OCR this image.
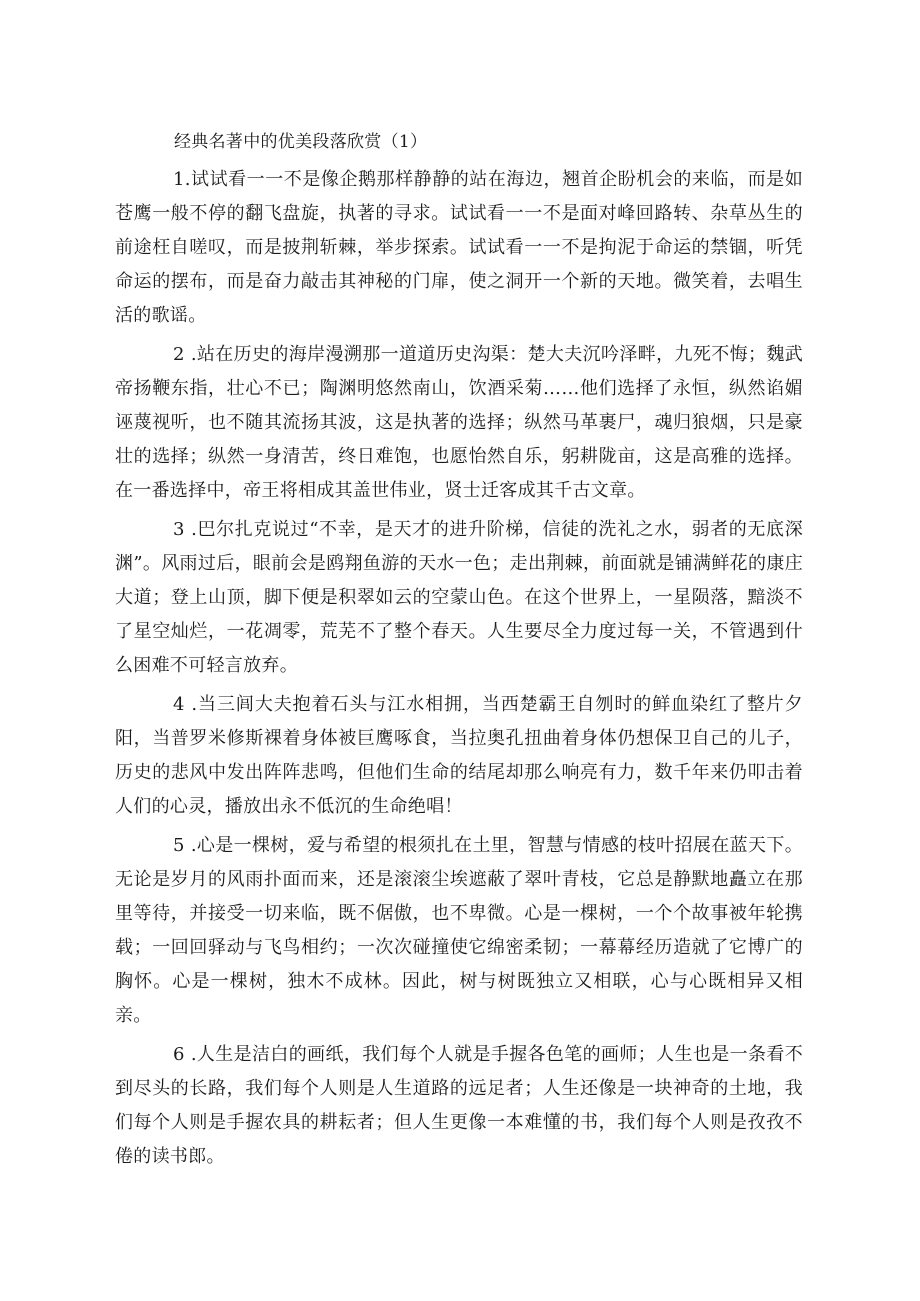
经典名著中的优美段落欣赏（1）

1.试试看一一不是像企鹅那样静静的站在海边，翘首企盼机会的来临，而是如苍鹰一般不停的翻飞盘旋，执著的寻求。试试看一一不是面对峰回路转、杂草丛生的前途枉自嗟叹，而是披荆斩棘，举步探索。试试看一一不是拘泥于命运的禁锢，听凭命运的摆布，而是奋力敲击其神秘的门扉，使之洞开一个新的天地。微笑着，去唱生活的歌谣。

2 .站在历史的海岸漫溯那一道道历史沟渠：楚大夫沉吟泽畔，九死不悔；魏武帝扬鞭东指，壮心不已；陶渊明悠然南山，饮酒采菊……他们选择了永恒，纵然谄媚诬蔑视听，也不随其流扬其波，这是执著的选择；纵然马革裹尸，魂归狼烟，只是豪壮的选择；纵然一身清苦，终日难饱，也愿怡然自乐，躬耕陇亩，这是高雅的选择。在一番选择中，帝王将相成其盖世伟业，贤士迁客成其千古文章。

3 .巴尔扎克说过“不幸，是天才的进升阶梯，信徒的洗礼之水，弱者的无底深渊”。风雨过后，眼前会是鸥翔鱼游的天水一色；走出荆棘，前面就是铺满鲜花的康庄大道；登上山顶，脚下便是积翠如云的空蒙山色。在这个世界上，一星陨落，黯淡不了星空灿烂，一花凋零，荒芜不了整个春天。人生要尽全力度过每一关，不管遇到什么困难不可轻言放弃。

4 .当三闾大夫抱着石头与江水相拥，当西楚霸王自刎时的鲜血染红了整片夕阳，当普罗米修斯裸着身体被巨鹰啄食，当拉奥孔扭曲着身体仍想保卫自己的儿子，历史的悲风中发出阵阵悲鸣，但他们生命的结尾却那么响亮有力，数千年来仍叩击着人们的心灵，播放出永不低沉的生命绝唱！

5 .心是一棵树，爱与希望的根须扎在土里，智慧与情感的枝叶招展在蓝天下。无论是岁月的风雨扑面而来，还是滚滚尘埃遮蔽了翠叶青枝，它总是静默地矗立在那里等待，并接受一切来临，既不倨傲，也不卑微。心是一棵树，一个个故事被年轮携载；一回回驿动与飞鸟相约；一次次碰撞使它绵密柔韧；一幕幕经历造就了它博广的胸怀。心是一棵树，独木不成林。因此，树与树既独立又相联，心与心既相异又相亲。

6 .人生是洁白的画纸，我们每个人就是手握各色笔的画师；人生也是一条看不到尽头的长路，我们每个人则是人生道路的远足者；人生还像是一块神奇的土地，我们每个人则是手握农具的耕耘者；但人生更像一本难懂的书，我们每个人则是孜孜不倦的读书郎。
